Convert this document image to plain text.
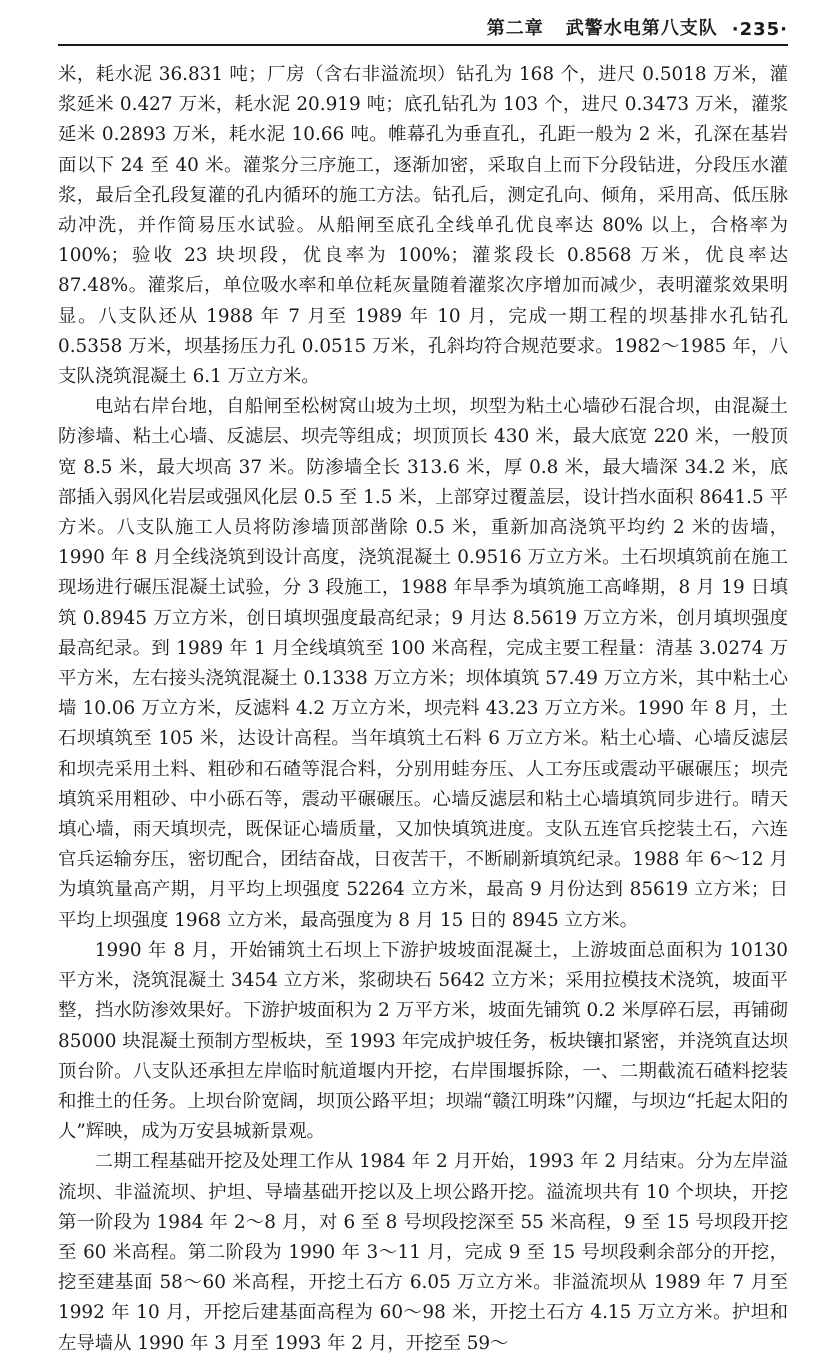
第二章 武警水电第八支队 ·235·

米，耗水泥 36.831 吨；厂房（含右非溢流坝）钻孔为 168 个，进尺 0.5018 万米，灌浆延米 0.427 万米，耗水泥 20.919 吨；底孔钻孔为 103 个，进尺 0.3473 万米，灌浆延米 0.2893 万米，耗水泥 10.66 吨。帷幕孔为垂直孔，孔距一般为 2 米，孔深在基岩面以下 24 至 40 米。灌浆分三序施工，逐渐加密，采取自上而下分段钻进，分段压水灌浆，最后全孔段复灌的孔内循环的施工方法。钻孔后，测定孔向、倾角，采用高、低压脉动冲洗，并作简易压水试验。从船闸至底孔全线单孔优良率达 80% 以上，合格率为 100%；验收 23 块坝段，优良率为 100%；灌浆段长 0.8568 万米，优良率达 87.48%。灌浆后，单位吸水率和单位耗灰量随着灌浆次序增加而减少，表明灌浆效果明显。八支队还从 1988 年 7 月至 1989 年 10 月，完成一期工程的坝基排水孔钻孔 0.5358 万米，坝基扬压力孔 0.0515 万米，孔斜均符合规范要求。1982～1985 年，八支队浇筑混凝土 6.1 万立方米。

电站右岸台地，自船闸至松树窝山坡为土坝，坝型为粘土心墙砂石混合坝，由混凝土防渗墙、粘土心墙、反滤层、坝壳等组成；坝顶顶长 430 米，最大底宽 220 米，一般顶宽 8.5 米，最大坝高 37 米。防渗墙全长 313.6 米，厚 0.8 米，最大墙深 34.2 米，底部插入弱风化岩层或强风化层 0.5 至 1.5 米，上部穿过覆盖层，设计挡水面积 8641.5 平方米。八支队施工人员将防渗墙顶部凿除 0.5 米，重新加高浇筑平均约 2 米的齿墙，1990 年 8 月全线浇筑到设计高度，浇筑混凝土 0.9516 万立方米。土石坝填筑前在施工现场进行碾压混凝土试验，分 3 段施工，1988 年旱季为填筑施工高峰期，8 月 19 日填筑 0.8945 万立方米，创日填坝强度最高纪录；9 月达 8.5619 万立方米，创月填坝强度最高纪录。到 1989 年 1 月全线填筑至 100 米高程，完成主要工程量：清基 3.0274 万平方米，左右接头浇筑混凝土 0.1338 万立方米；坝体填筑 57.49 万立方米，其中粘土心墙 10.06 万立方米，反滤料 4.2 万立方米，坝壳料 43.23 万立方米。1990 年 8 月，土石坝填筑至 105 米，达设计高程。当年填筑土石料 6 万立方米。粘土心墙、心墙反滤层和坝壳采用土料、粗砂和石碴等混合料，分别用蛙夯压、人工夯压或震动平碾碾压；坝壳填筑采用粗砂、中小砾石等，震动平碾碾压。心墙反滤层和粘土心墙填筑同步进行。晴天填心墙，雨天填坝壳，既保证心墙质量，又加快填筑进度。支队五连官兵挖装土石，六连官兵运输夯压，密切配合，团结奋战，日夜苦干，不断刷新填筑纪录。1988 年 6～12 月为填筑量高产期，月平均上坝强度 52264 立方米，最高 9 月份达到 85619 立方米；日平均上坝强度 1968 立方米，最高强度为 8 月 15 日的 8945 立方米。

1990 年 8 月，开始铺筑土石坝上下游护坡坡面混凝土，上游坡面总面积为 10130 平方米，浇筑混凝土 3454 立方米，浆砌块石 5642 立方米；采用拉模技术浇筑，坡面平整，挡水防渗效果好。下游护坡面积为 2 万平方米，坡面先铺筑 0.2 米厚碎石层，再铺砌 85000 块混凝土预制方型板块，至 1993 年完成护坡任务，板块镶扣紧密，并浇筑直达坝顶台阶。八支队还承担左岸临时航道堰内开挖，右岸围堰拆除，一、二期截流石碴料挖装和推土的任务。上坝台阶宽阔，坝顶公路平坦；坝端“赣江明珠”闪耀，与坝边“托起太阳的人”辉映，成为万安县城新景观。

二期工程基础开挖及处理工作从 1984 年 2 月开始，1993 年 2 月结束。分为左岸溢流坝、非溢流坝、护坦、导墙基础开挖以及上坝公路开挖。溢流坝共有 10 个坝块，开挖第一阶段为 1984 年 2～8 月，对 6 至 8 号坝段挖深至 55 米高程，9 至 15 号坝段开挖至 60 米高程。第二阶段为 1990 年 3～11 月，完成 9 至 15 号坝段剩余部分的开挖，挖至建基面 58～60 米高程，开挖土石方 6.05 万立方米。非溢流坝从 1989 年 7 月至 1992 年 10 月，开挖后建基面高程为 60～98 米，开挖土石方 4.15 万立方米。护坦和左导墙从 1990 年 3 月至 1993 年 2 月，开挖至 59～
